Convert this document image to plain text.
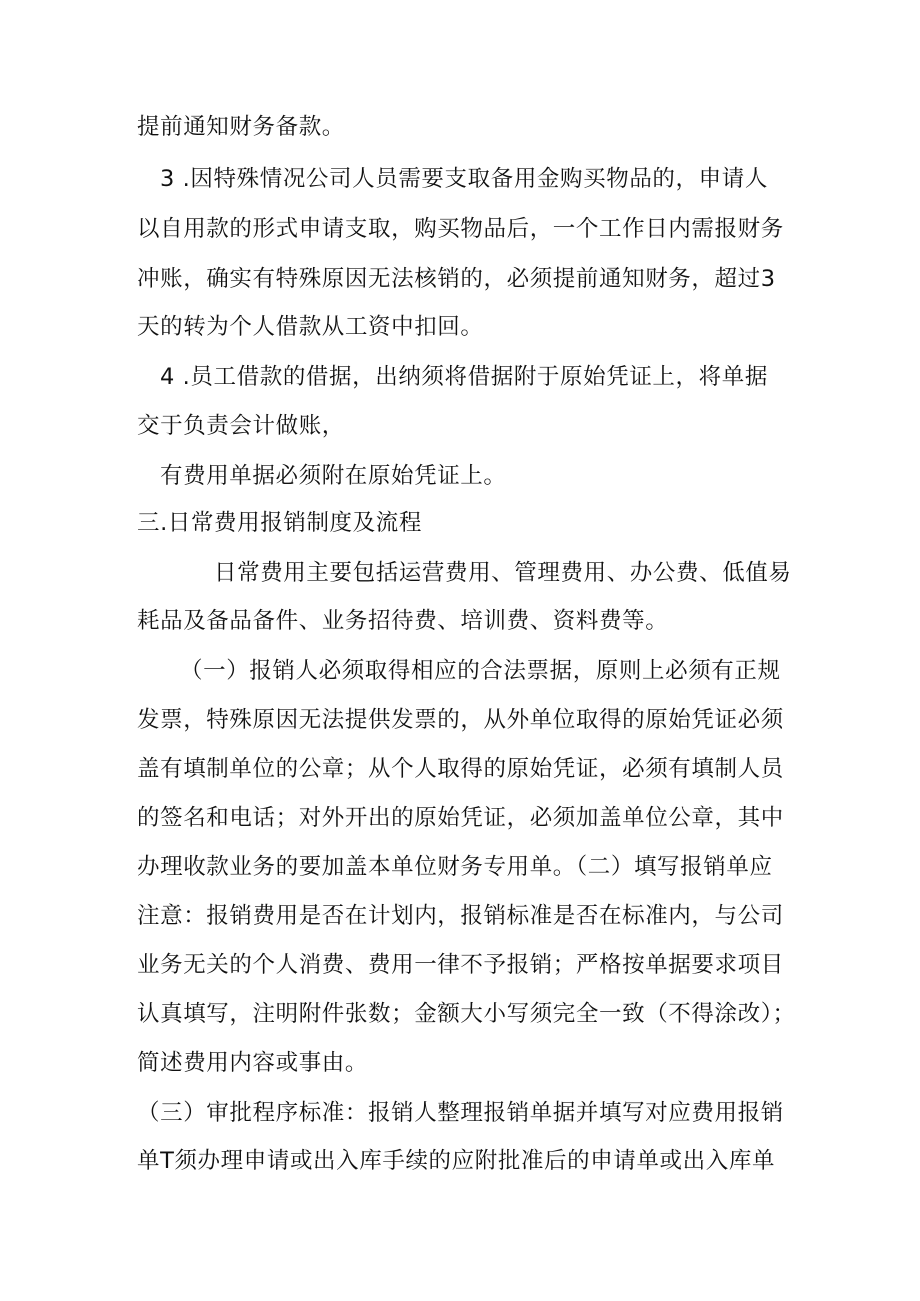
提前通知财务备款。
3 .因特殊情况公司人员需要支取备用金购买物品的，申请人
以自用款的形式申请支取，购买物品后，一个工作日内需报财务
冲账，确实有特殊原因无法核销的，必须提前通知财务，超过3
天的转为个人借款从工资中扣回。
4 .员工借款的借据，出纳须将借据附于原始凭证上，将单据
交于负责会计做账，
有费用单据必须附在原始凭证上。
三.日常费用报销制度及流程
日常费用主要包括运营费用、管理费用、办公费、低值易
耗品及备品备件、业务招待费、培训费、资料费等。
（一）报销人必须取得相应的合法票据，原则上必须有正规
发票，特殊原因无法提供发票的，从外单位取得的原始凭证必须
盖有填制单位的公章；从个人取得的原始凭证，必须有填制人员
的签名和电话；对外开出的原始凭证，必须加盖单位公章，其中
办理收款业务的要加盖本单位财务专用单。（二）填写报销单应
注意：报销费用是否在计划内，报销标准是否在标准内，与公司
业务无关的个人消费、费用一律不予报销；严格按单据要求项目
认真填写，注明附件张数；金额大小写须完全一致（不得涂改）；
简述费用内容或事由。
（三）审批程序标准：报销人整理报销单据并填写对应费用报销
单T须办理申请或出入库手续的应附批准后的申请单或出入库单
